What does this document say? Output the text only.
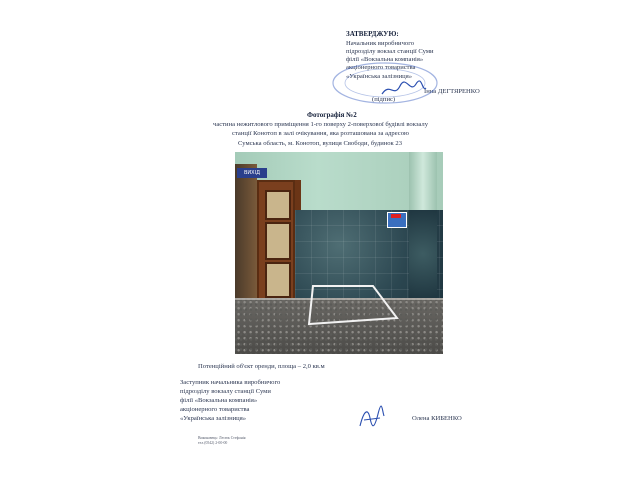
ЗАТВЕРДЖУЮ:
Начальник виробничого
підрозділу вокзал станції Суми
філії «Вокзальна компанія»
акціонерного товариства
«Українська залізниця»
Інна ДЕГТЯРЕНКО
(підпис)
Фотографія №2
частина нежитлового приміщення 1-го поверху 2-поверхової будівлі вокзалу
станції Конотоп в залі очікування, яка розташована за адресою
Сумська область, м. Конотоп, вулиця Свободи, будинок 23
ВИХІД
Потенційний об'єкт оренди, площа – 2,0 кв.м
Заступник начальника виробничого
підрозділу вокзалу станції Суми
філії «Вокзальна компанія»
акціонерного товариства
«Українська залізниця»	Олена КИБЕНКО
Виконавець: Лесюк Стефанія
тел.(0542) 2-00-00
